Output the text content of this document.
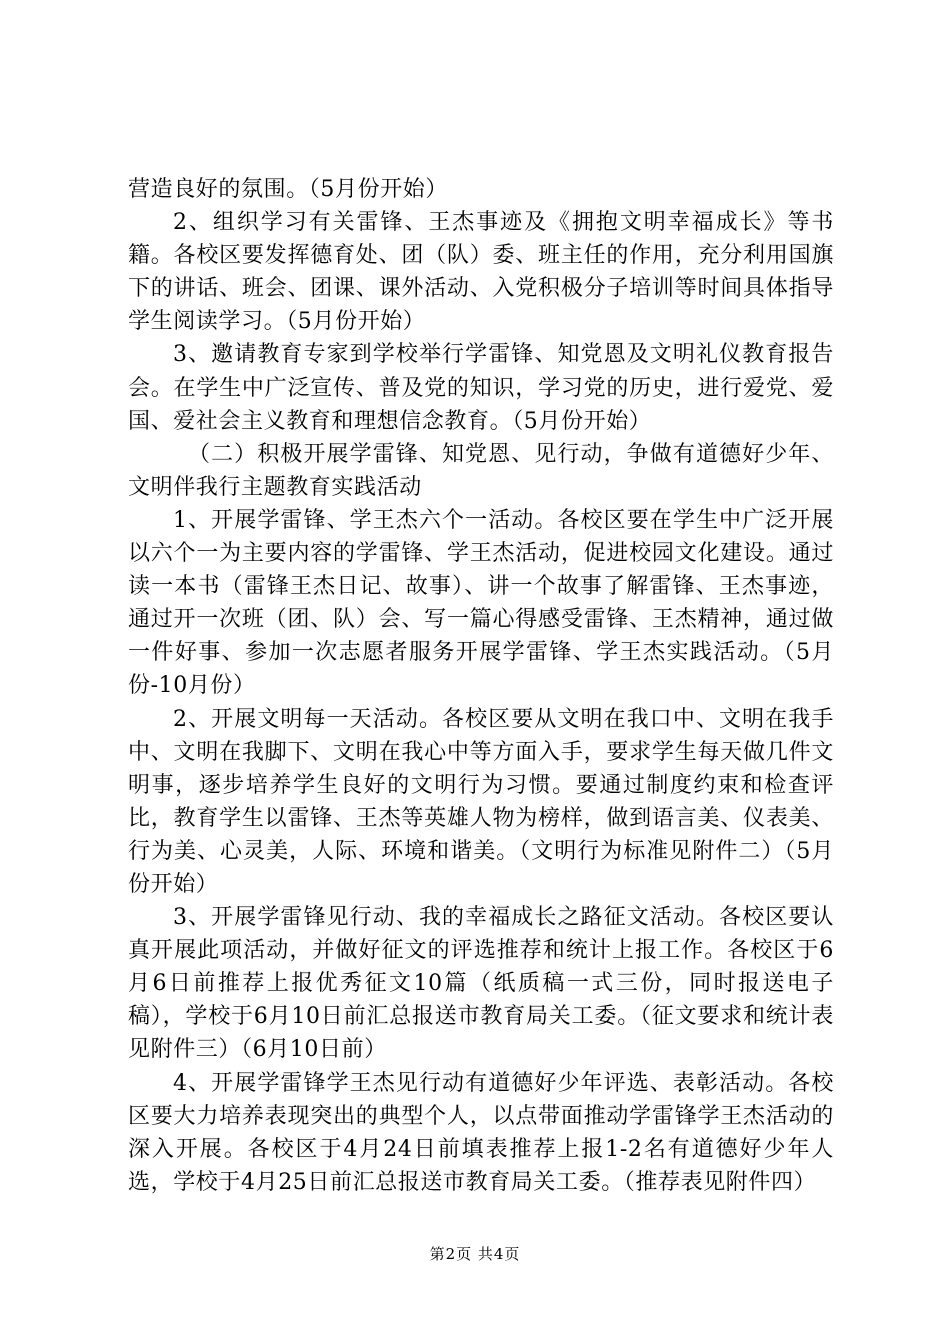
营造良好的氛围。（5月份开始）

2、组织学习有关雷锋、王杰事迹及《拥抱文明幸福成长》等书籍。各校区要发挥德育处、团（队）委、班主任的作用，充分利用国旗下的讲话、班会、团课、课外活动、入党积极分子培训等时间具体指导学生阅读学习。（5月份开始）

3、邀请教育专家到学校举行学雷锋、知党恩及文明礼仪教育报告会。在学生中广泛宣传、普及党的知识，学习党的历史，进行爱党、爱国、爱社会主义教育和理想信念教育。（5月份开始）

（二）积极开展学雷锋、知党恩、见行动，争做有道德好少年、文明伴我行主题教育实践活动

1、开展学雷锋、学王杰六个一活动。各校区要在学生中广泛开展以六个一为主要内容的学雷锋、学王杰活动，促进校园文化建设。通过读一本书（雷锋王杰日记、故事）、讲一个故事了解雷锋、王杰事迹，通过开一次班（团、队）会、写一篇心得感受雷锋、王杰精神，通过做一件好事、参加一次志愿者服务开展学雷锋、学王杰实践活动。（5月份-10月份）

2、开展文明每一天活动。各校区要从文明在我口中、文明在我手中、文明在我脚下、文明在我心中等方面入手，要求学生每天做几件文明事，逐步培养学生良好的文明行为习惯。要通过制度约束和检查评比，教育学生以雷锋、王杰等英雄人物为榜样，做到语言美、仪表美、行为美、心灵美，人际、环境和谐美。（文明行为标准见附件二）（5月份开始）

3、开展学雷锋见行动、我的幸福成长之路征文活动。各校区要认真开展此项活动，并做好征文的评选推荐和统计上报工作。各校区于6月6日前推荐上报优秀征文10篇（纸质稿一式三份，同时报送电子稿），学校于6月10日前汇总报送市教育局关工委。（征文要求和统计表见附件三）（6月10日前）

4、开展学雷锋学王杰见行动有道德好少年评选、表彰活动。各校区要大力培养表现突出的典型个人，以点带面推动学雷锋学王杰活动的深入开展。各校区于4月24日前填表推荐上报1-2名有道德好少年人选，学校于4月25日前汇总报送市教育局关工委。（推荐表见附件四）

第2页 共4页
